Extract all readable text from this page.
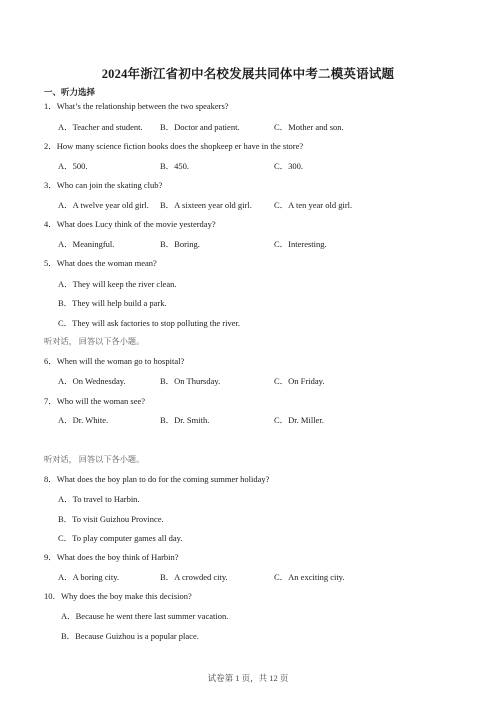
2024年浙江省初中名校发展共同体中考二模英语试题
一、听力选择
1．What’s the relationship between the two speakers?
A．Teacher and student. B．Doctor and patient.	C．Mother and son.
2．How many science fiction books does the shopkeep er have in the store?
A．500.	B．450.	C．300.
3．Who can join the skating club?
A．A twelve year old girl. B．A sixteen year old girl.	C．A ten year old girl.
4．What does Lucy think of the movie yesterday?
A．Meaningful.	B．Boring.	C．Interesting.
5．What does the woman mean?
A．They will keep the river clean.
B．They will help build a park.
C．They will ask factories to stop polluting the river.
听对话， 回答以下各小题。
6．When will the woman go to hospital?
A．On Wednesday.	B．On Thursday.	C．On Friday.
7．Who will the woman see?
A．Dr. White.	B．Dr. Smith.	C．Dr. Miller.
听对话， 回答以下各小题。
8．What does the boy plan to do for the coming summer holiday?
A．To travel to Harbin.
B．To visit Guizhou Province.
C．To play computer games all day.
9．What does the boy think of Harbin?
A．A boring city.	B．A crowded city.	C．An exciting city.
10．Why does the boy make this decision?
A．Because he went there last summer vacation.
B．Because Guizhou is a popular place.
试卷第 1 页，共 12 页
